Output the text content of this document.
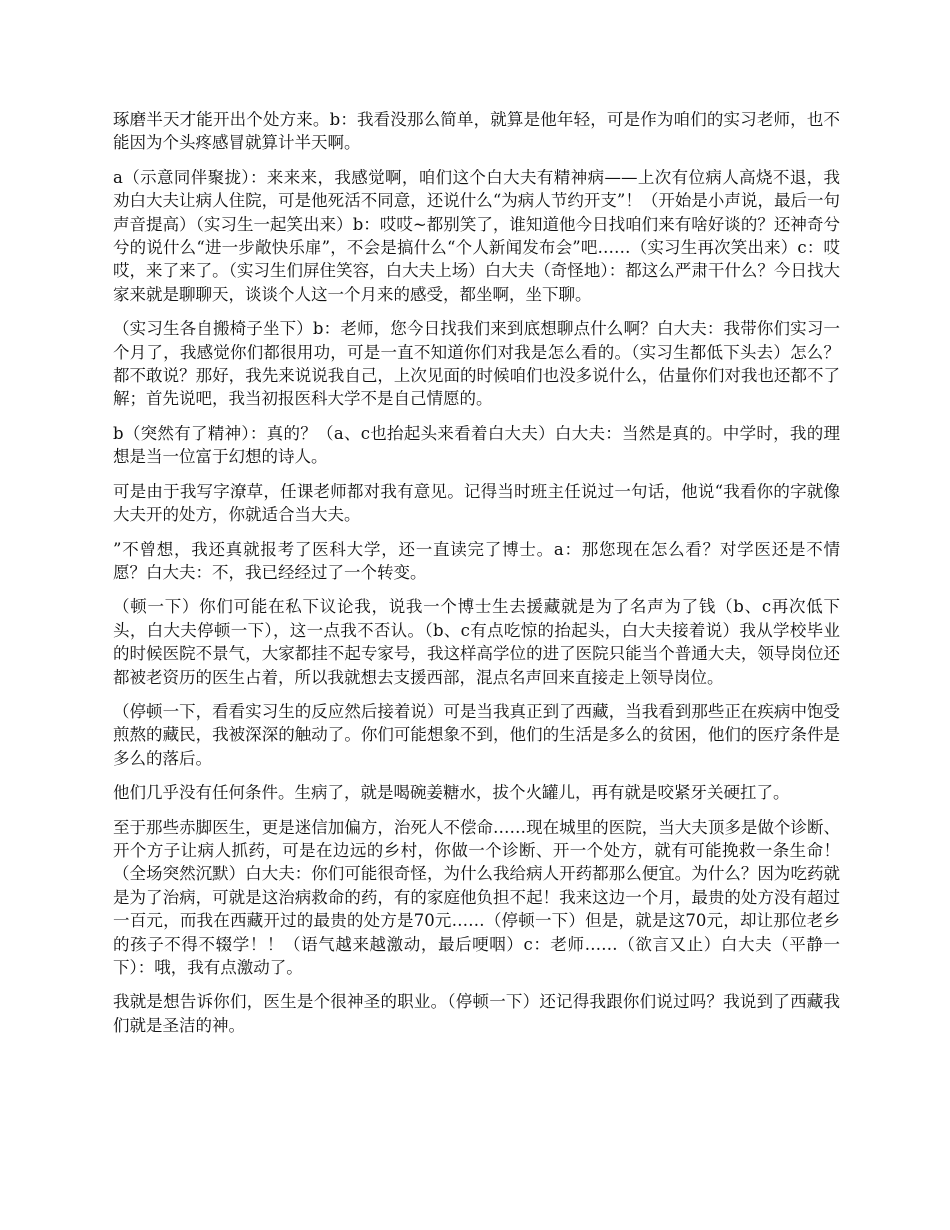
琢磨半天才能开出个处方来。b：我看没那么简单，就算是他年轻，可是作为咱们的实习老师，也不能因为个头疼感冒就算计半天啊。

a（示意同伴聚拢）：来来来，我感觉啊，咱们这个白大夫有精神病——上次有位病人高烧不退，我劝白大夫让病人住院，可是他死活不同意，还说什么“为病人节约开支”！（开始是小声说，最后一句声音提高）（实习生一起笑出来）b：哎哎~都别笑了，谁知道他今日找咱们来有啥好谈的？还神奇兮兮的说什么“进一步敞快乐扉”，不会是搞什么“个人新闻发布会”吧……（实习生再次笑出来）c：哎哎，来了来了。（实习生们屏住笑容，白大夫上场）白大夫（奇怪地）：都这么严肃干什么？今日找大家来就是聊聊天，谈谈个人这一个月来的感受，都坐啊，坐下聊。

（实习生各自搬椅子坐下）b：老师，您今日找我们来到底想聊点什么啊？白大夫：我带你们实习一个月了，我感觉你们都很用功，可是一直不知道你们对我是怎么看的。（实习生都低下头去）怎么？都不敢说？那好，我先来说说我自己，上次见面的时候咱们也没多说什么，估量你们对我也还都不了解；首先说吧，我当初报医科大学不是自己情愿的。

b（突然有了精神）：真的？（a、c也抬起头来看着白大夫）白大夫：当然是真的。中学时，我的理想是当一位富于幻想的诗人。

可是由于我写字潦草，任课老师都对我有意见。记得当时班主任说过一句话，他说“我看你的字就像大夫开的处方，你就适合当大夫。

”不曾想，我还真就报考了医科大学，还一直读完了博士。a：那您现在怎么看？对学医还是不情愿？白大夫：不，我已经经过了一个转变。

（顿一下）你们可能在私下议论我，说我一个博士生去援藏就是为了名声为了钱（b、c再次低下头，白大夫停顿一下），这一点我不否认。（b、c有点吃惊的抬起头，白大夫接着说）我从学校毕业的时候医院不景气，大家都挂不起专家号，我这样高学位的进了医院只能当个普通大夫，领导岗位还都被老资历的医生占着，所以我就想去支援西部，混点名声回来直接走上领导岗位。

（停顿一下，看看实习生的反应然后接着说）可是当我真正到了西藏，当我看到那些正在疾病中饱受煎熬的藏民，我被深深的触动了。你们可能想象不到，他们的生活是多么的贫困，他们的医疗条件是多么的落后。

他们几乎没有任何条件。生病了，就是喝碗姜糖水，拔个火罐儿，再有就是咬紧牙关硬扛了。

至于那些赤脚医生，更是迷信加偏方，治死人不偿命……现在城里的医院，当大夫顶多是做个诊断、开个方子让病人抓药，可是在边远的乡村，你做一个诊断、开一个处方，就有可能挽救一条生命！（全场突然沉默）白大夫：你们可能很奇怪，为什么我给病人开药都那么便宜。为什么？因为吃药就是为了治病，可就是这治病救命的药，有的家庭他负担不起！我来这边一个月，最贵的处方没有超过一百元，而我在西藏开过的最贵的处方是70元……（停顿一下）但是，就是这70元，却让那位老乡的孩子不得不辍学！！（语气越来越激动，最后哽咽）c：老师……（欲言又止）白大夫（平静一下）：哦，我有点激动了。

我就是想告诉你们，医生是个很神圣的职业。（停顿一下）还记得我跟你们说过吗？我说到了西藏我们就是圣洁的神。
